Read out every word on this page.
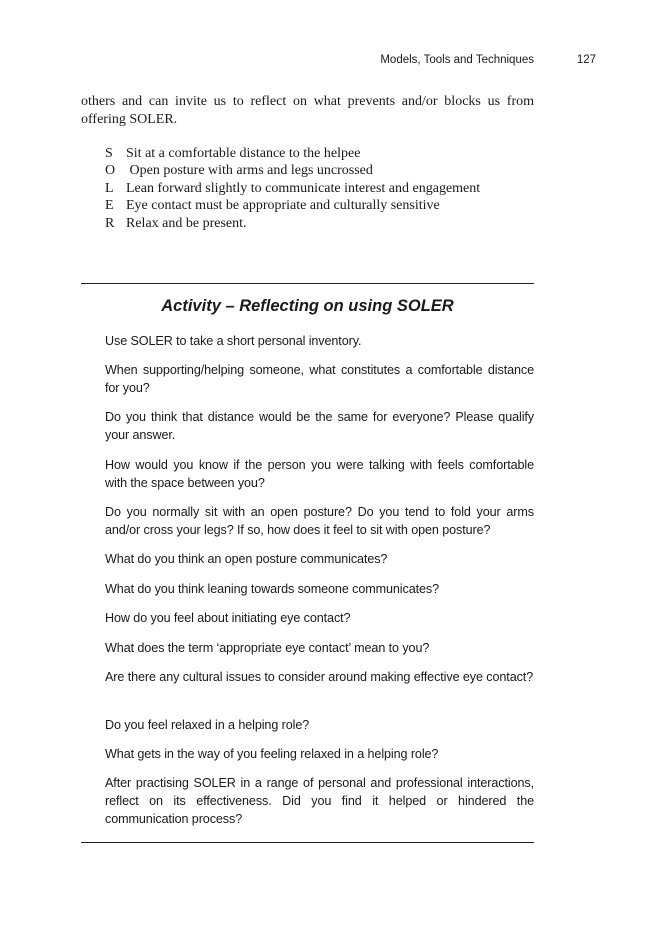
Models, Tools and Techniques	127

others and can invite us to reflect on what prevents and/or blocks us from offering SOLER.

S Sit at a comfortable distance to the helpee
O Open posture with arms and legs uncrossed
L Lean forward slightly to communicate interest and engagement
E Eye contact must be appropriate and culturally sensitive
R Relax and be present.
Activity – Reflecting on using SOLER

Use SOLER to take a short personal inventory.

When supporting/helping someone, what constitutes a comfortable distance for you?

Do you think that distance would be the same for everyone? Please qualify your answer.

How would you know if the person you were talking with feels comfortable with the space between you?

Do you normally sit with an open posture? Do you tend to fold your arms and/or cross your legs? If so, how does it feel to sit with open posture?

What do you think an open posture communicates?

What do you think leaning towards someone communicates?

How do you feel about initiating eye contact?

What does the term ‘appropriate eye contact’ mean to you?

Are there any cultural issues to consider around making effective eye contact?

Do you feel relaxed in a helping role?

What gets in the way of you feeling relaxed in a helping role?

After practising SOLER in a range of personal and professional interactions, reflect on its effectiveness. Did you find it helped or hindered the communication process?
